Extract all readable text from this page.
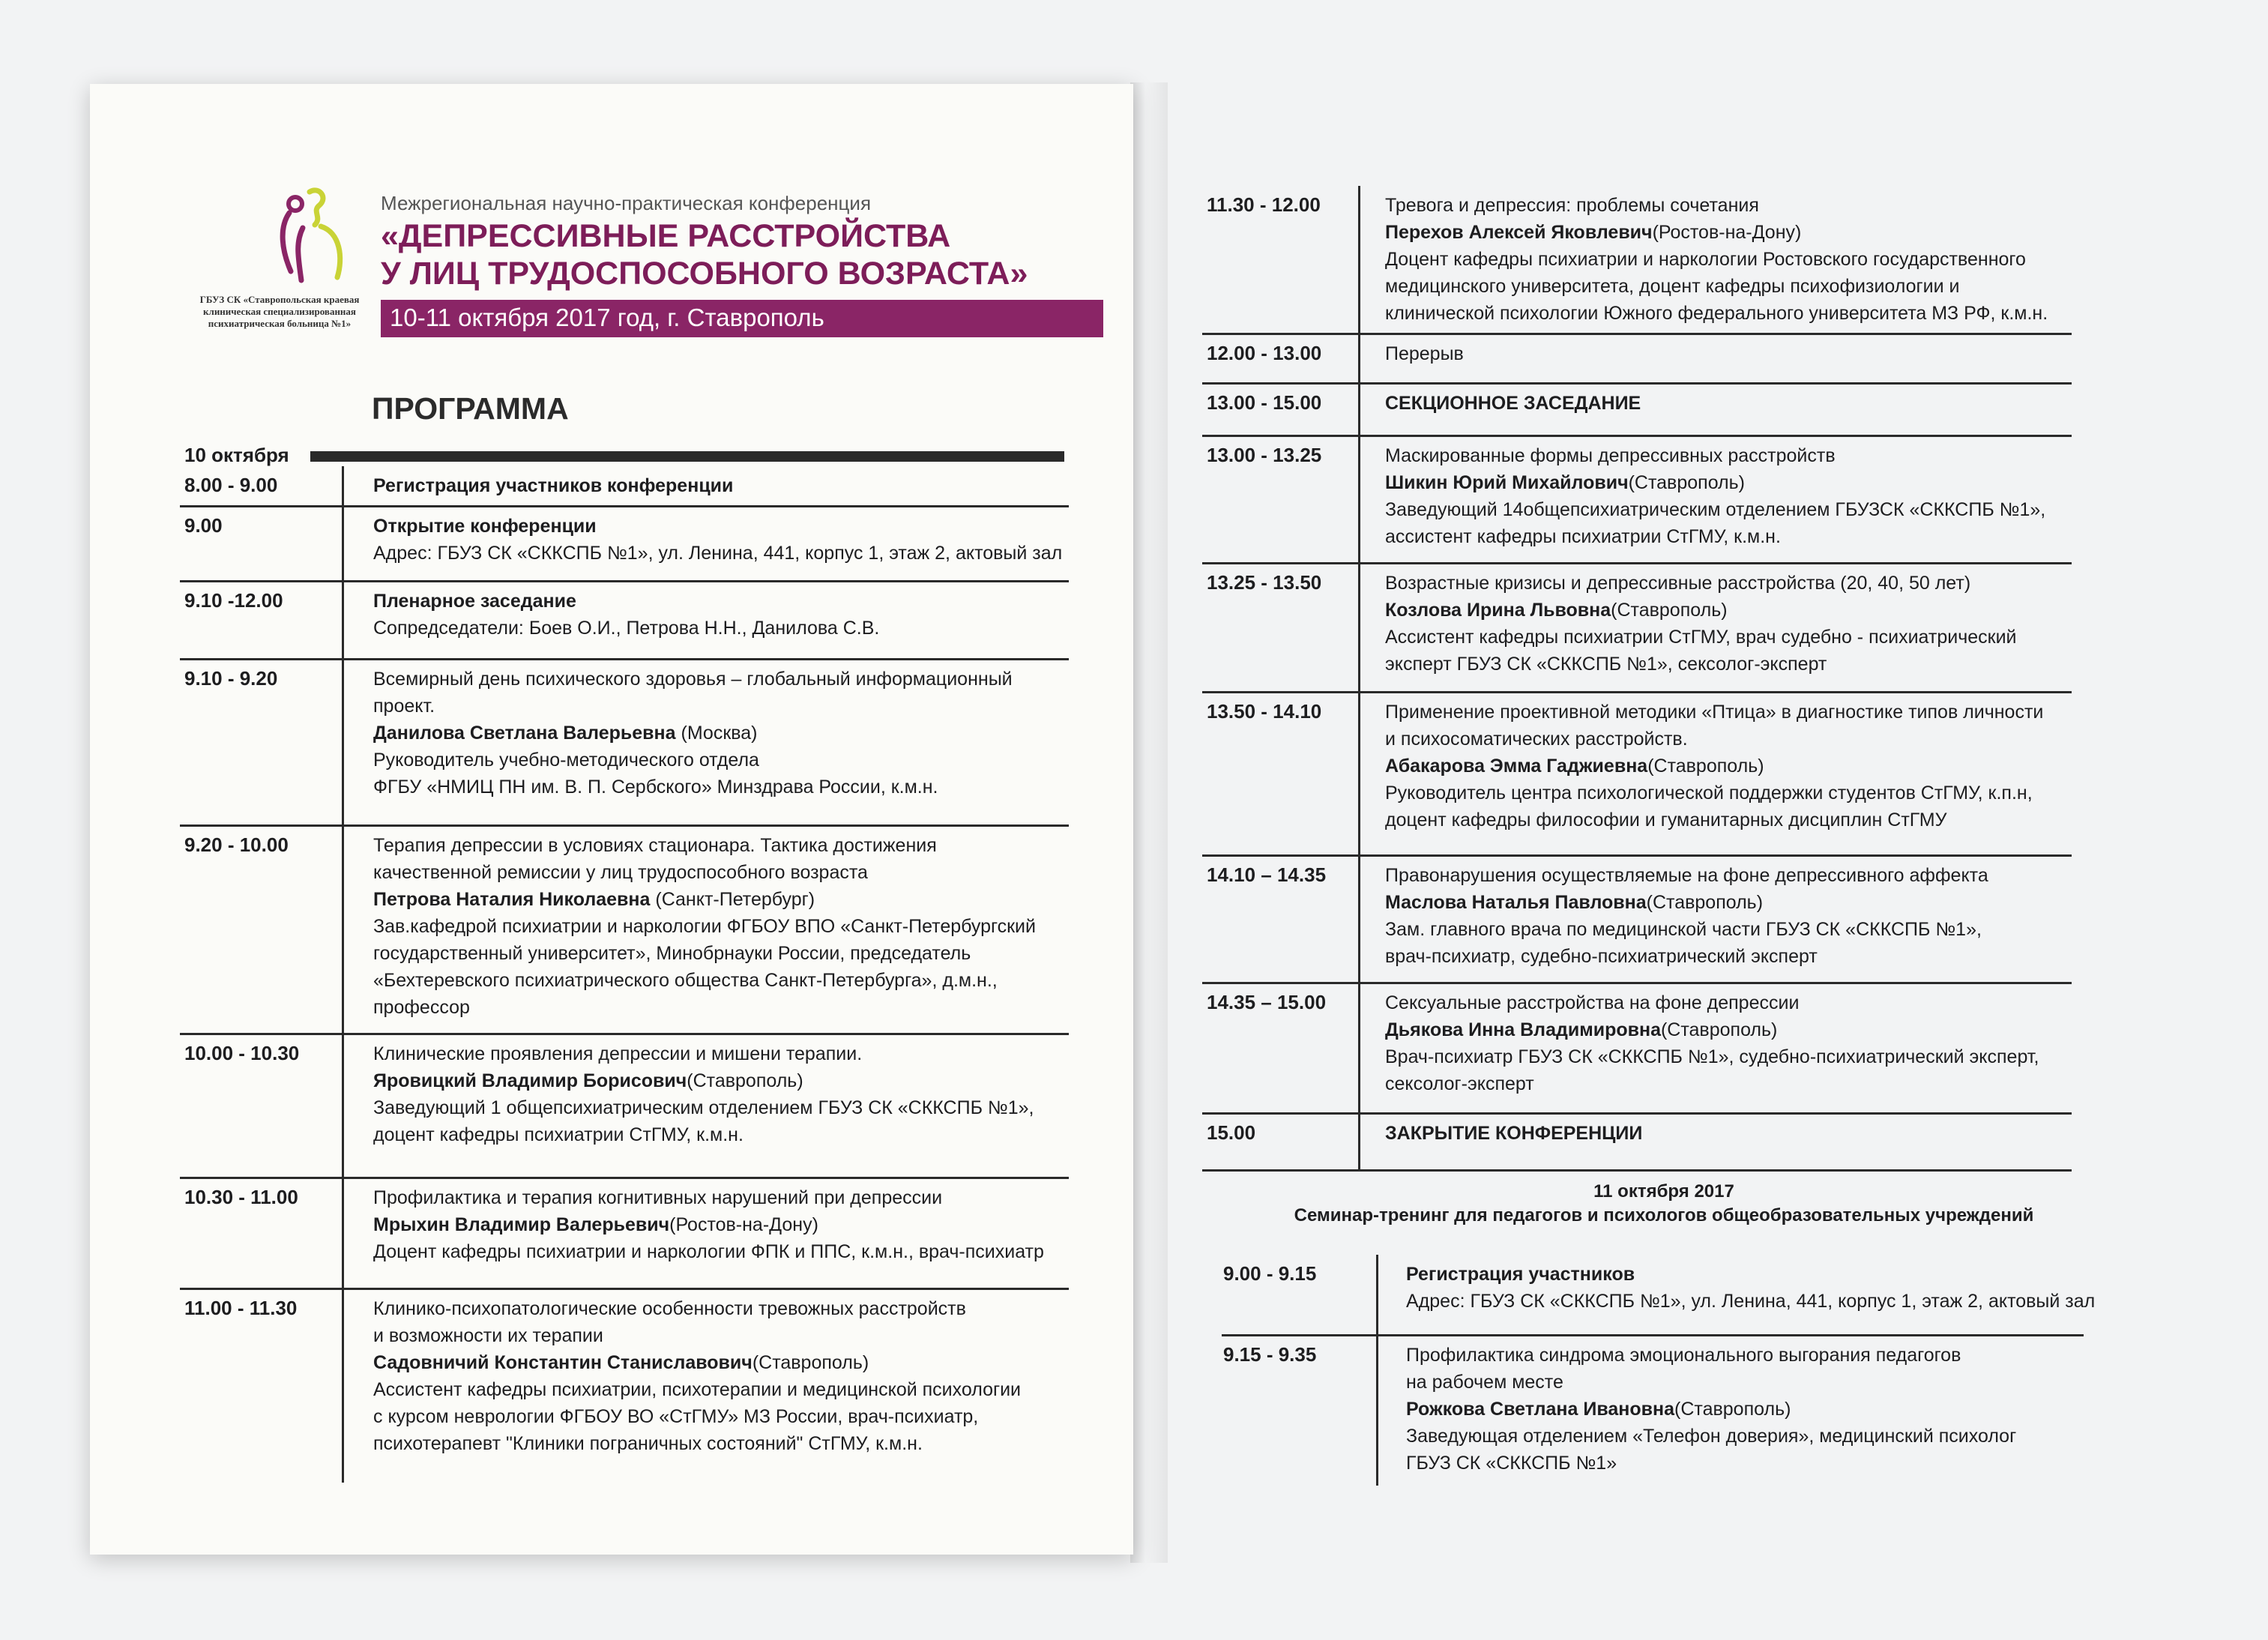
ГБУЗ СК «Ставропольская краевая клиническая специализированная психиатрическая больница №1»
Межрегиональная научно-практическая конференция
«ДЕПРЕССИВНЫЕ РАССТРОЙСТВА
У ЛИЦ ТРУДОСПОСОБНОГО ВОЗРАСТА»
10-11 октября 2017 год, г. Ставрополь
ПРОГРАММА
10 октября
8.00 - 9.00	Регистрация участников конференции
9.00	Открытие конференции
Адрес: ГБУЗ СК «СККСПБ №1», ул. Ленина, 441, корпус 1, этаж 2, актовый зал
9.10 -12.00	Пленарное заседание
Сопредседатели: Боев О.И., Петрова Н.Н., Данилова С.В.
9.10 - 9.20	Всемирный день психического здоровья – глобальный информационный
проект.
Данилова Светлана Валерьевна (Москва)
Руководитель учебно-методического отдела
ФГБУ «НМИЦ ПН им. В. П. Сербского» Минздрава России, к.м.н.
9.20 - 10.00	Терапия депрессии в условиях стационара. Тактика достижения
качественной ремиссии у лиц трудоспособного возраста
Петрова Наталия Николаевна (Санкт-Петербург)
Зав.кафедрой психиатрии и наркологии ФГБОУ ВПО «Санкт-Петербургский
государственный университет», Минобрнауки России, председатель
«Бехтеревского психиатрического общества Санкт-Петербурга», д.м.н.,
профессор
10.00 - 10.30	Клинические проявления депрессии и мишени терапии.
Яровицкий Владимир Борисович(Ставрополь)
Заведующий 1 общепсихиатрическим отделением ГБУЗ СК «СККСПБ №1»,
доцент кафедры психиатрии СтГМУ, к.м.н.
10.30 - 11.00	Профилактика и терапия когнитивных нарушений при депрессии
Мрыхин Владимир Валерьевич(Ростов-на-Дону)
Доцент кафедры психиатрии и наркологии ФПК и ППС, к.м.н., врач-психиатр
11.00 - 11.30	Клинико-психопатологические особенности тревожных расстройств
и возможности их терапии
Садовничий Константин Станиславович(Ставрополь)
Ассистент кафедры психиатрии, психотерапии и медицинской психологии
с курсом неврологии ФГБОУ ВО «СтГМУ» МЗ России, врач-психиатр,
психотерапевт "Клиники пограничных состояний" СтГМУ, к.м.н.
11.30 - 12.00	Тревога и депрессия: проблемы сочетания
Перехов Алексей Яковлевич(Ростов-на-Дону)
Доцент кафедры психиатрии и наркологии Ростовского государственного
медицинского университета, доцент кафедры психофизиологии и
клинической психологии Южного федерального университета МЗ РФ, к.м.н.
12.00 - 13.00	Перерыв

13.00 - 15.00	СЕКЦИОННОЕ ЗАСЕДАНИЕ
13.00 - 13.25	Маскированные формы депрессивных расстройств
Шикин Юрий Михайлович(Ставрополь)
Заведующий 14общепсихиатрическим отделением ГБУЗСК «СККСПБ №1»,
ассистент кафедры психиатрии СтГМУ, к.м.н.
13.25 - 13.50	Возрастные кризисы и депрессивные расстройства (20, 40, 50 лет)
Козлова Ирина Львовна(Ставрополь)
Ассистент кафедры психиатрии СтГМУ, врач судебно - психиатрический
эксперт ГБУЗ СК «СККСПБ №1», сексолог-эксперт
13.50 - 14.10	Применение проективной методики «Птица» в диагностике типов личности
и психосоматических расстройств.
Абакарова Эмма Гаджиевна(Ставрополь)
Руководитель центра психологической поддержки студентов СтГМУ, к.п.н,
доцент кафедры философии и гуманитарных дисциплин СтГМУ
14.10 – 14.35	Правонарушения осуществляемые на фоне депрессивного аффекта
Маслова Наталья Павловна(Ставрополь)
Зам. главного врача по медицинской части ГБУЗ СК «СККСПБ №1»,
врач-психиатр, судебно-психиатрический эксперт
14.35 – 15.00	Сексуальные расстройства на фоне депрессии
Дьякова Инна Владимировна(Ставрополь)
Врач-психиатр ГБУЗ СК «СККСПБ №1», судебно-психиатрический эксперт,
сексолог-эксперт
15.00	ЗАКРЫТИЕ КОНФЕРЕНЦИИ
11 октября 2017
Семинар-тренинг для педагогов и психологов общеобразовательных учреждений
9.00 - 9.15	Регистрация участников
Адрес: ГБУЗ СК «СККСПБ №1», ул. Ленина, 441, корпус 1, этаж 2, актовый зал
9.15 - 9.35	Профилактика синдрома эмоционального выгорания педагогов
на рабочем месте
Рожкова Светлана Ивановна(Ставрополь)
Заведующая отделением «Телефон доверия», медицинский психолог
ГБУЗ СК «СККСПБ №1»
